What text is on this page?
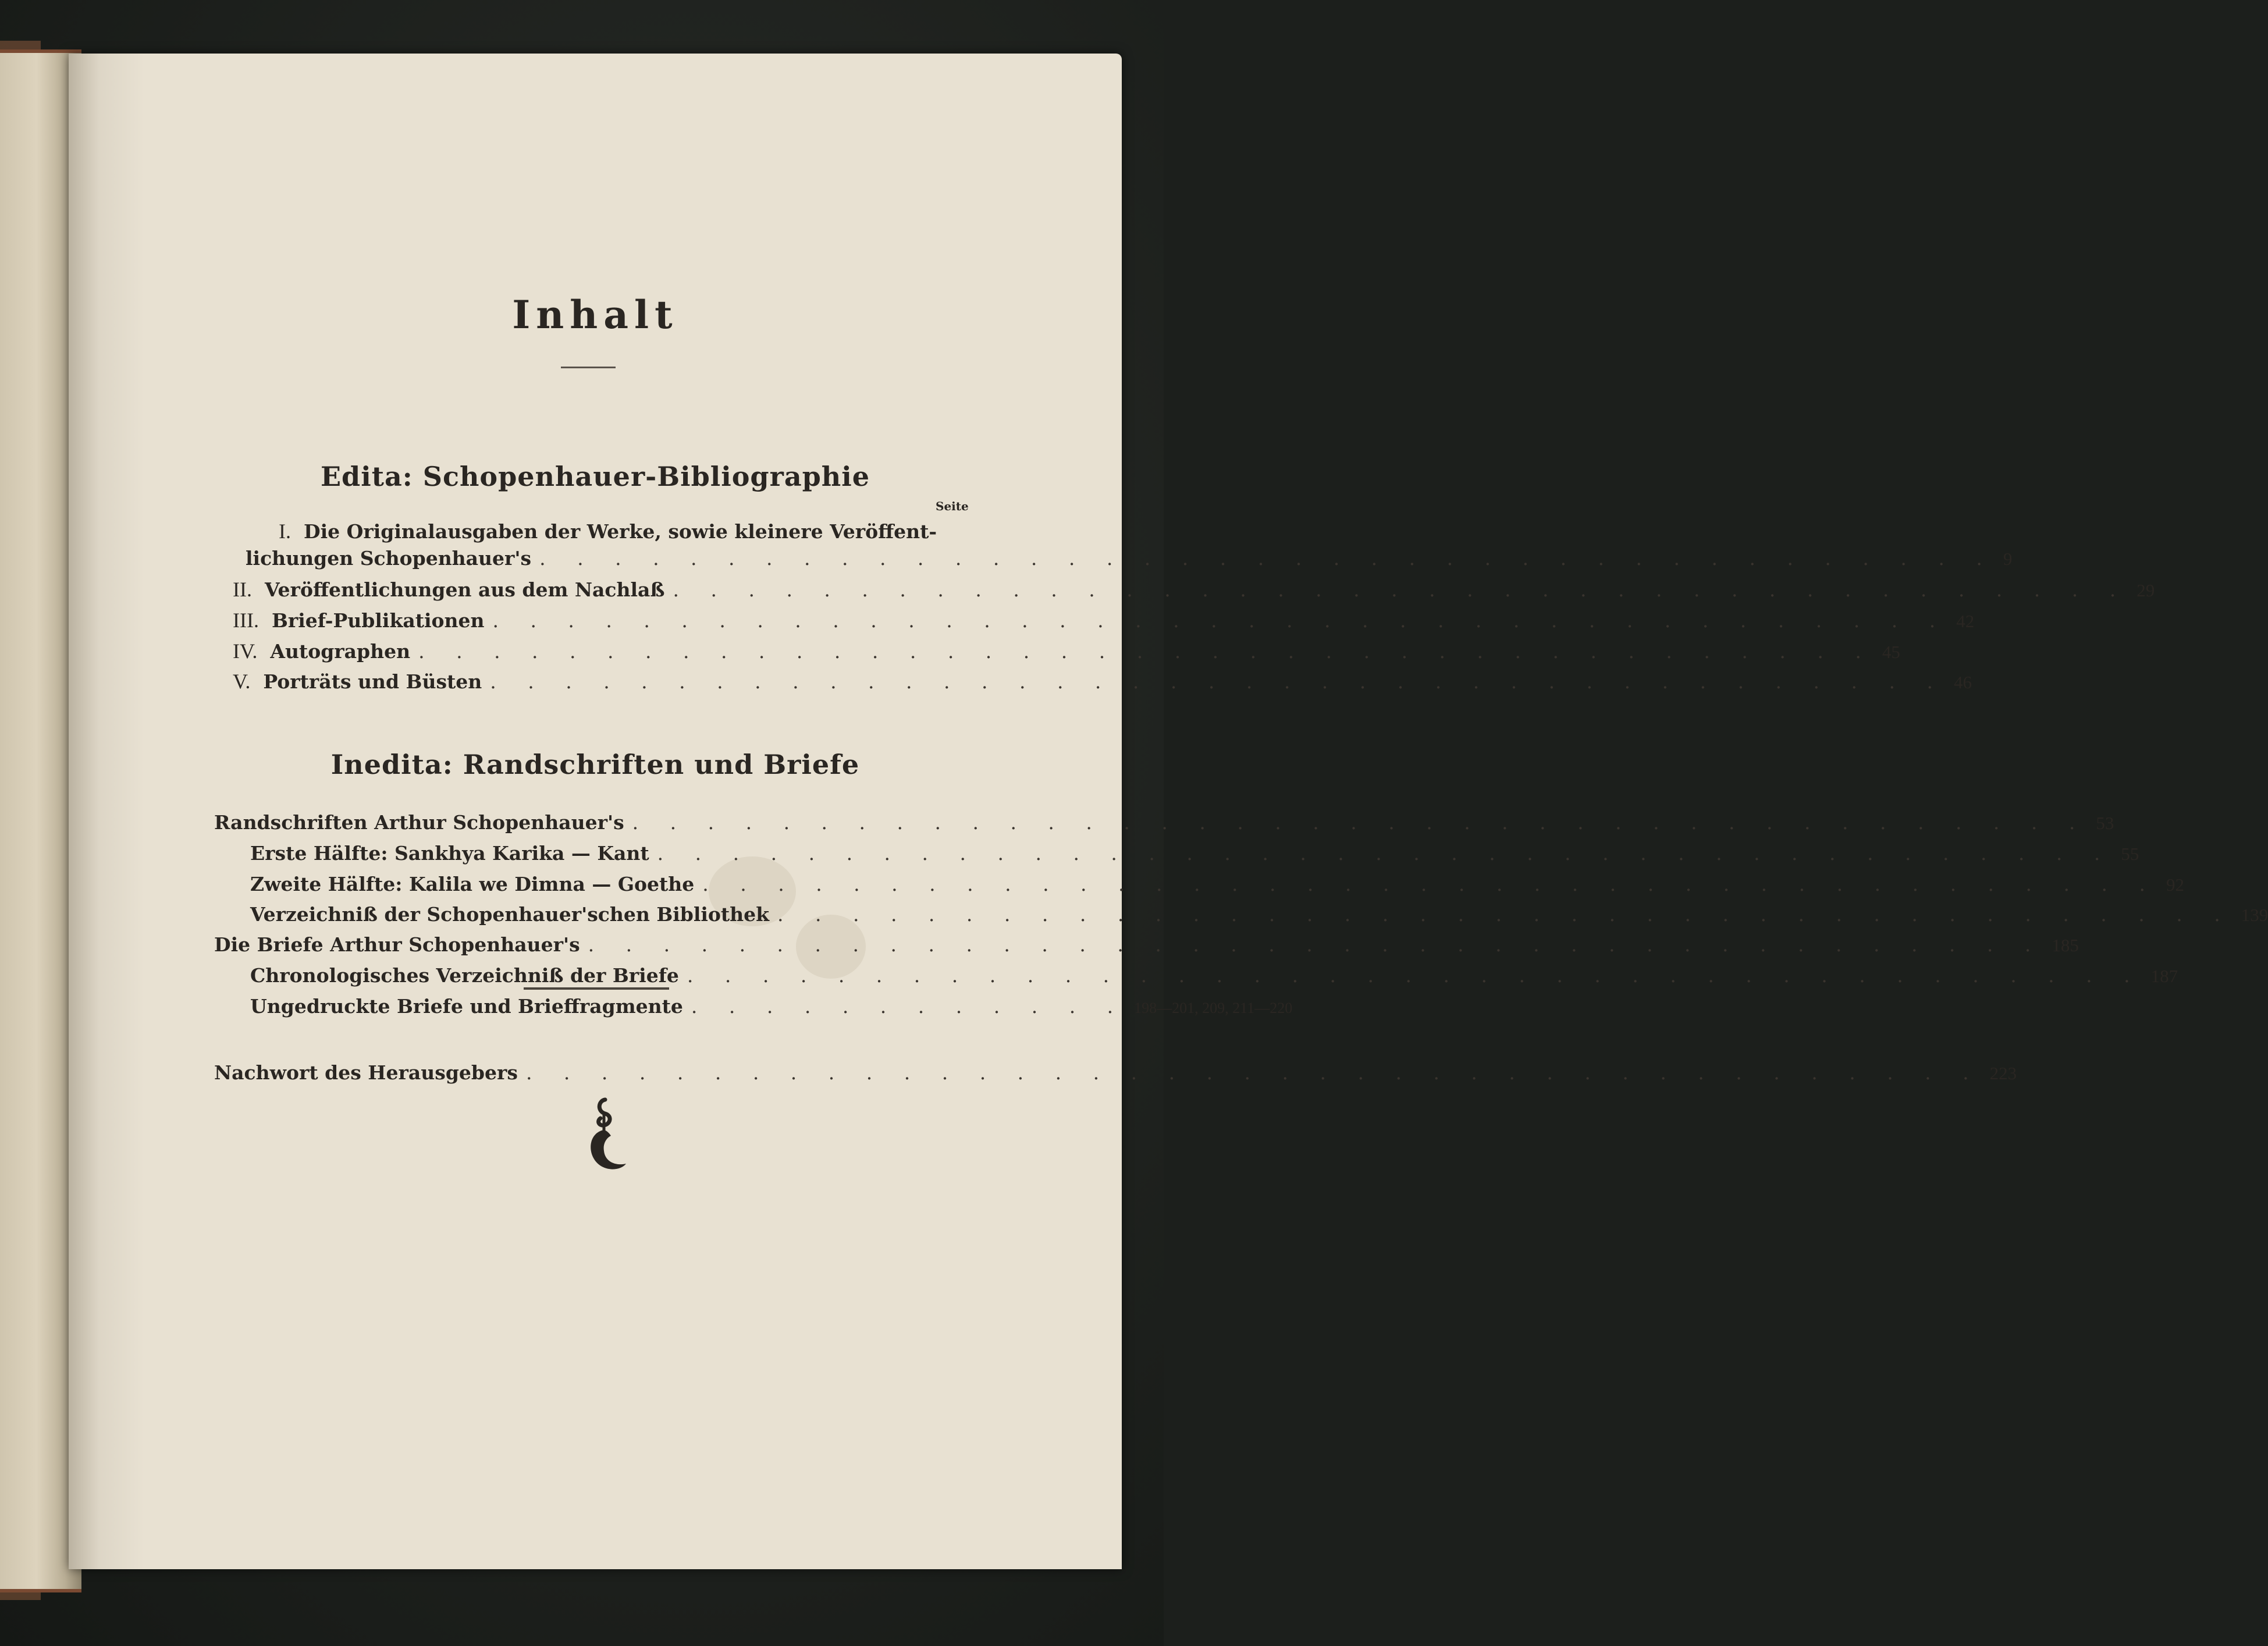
Inhalt
Edita: Schopenhauer-Bibliographie
Seite
I. Die Originalausgaben der Werke, sowie kleinere Veröffent-
lichungen Schopenhauer's . . . . . . . . . . . . . . . . . . . . . . . . . . . . . . . . . . . . . . . 9
II. Veröffentlichungen aus dem Nachlaß . . . . . . . . . . . . . . . . . . . . . . . . . . . . . . . . . . . . . . . 29
III. Brief-Publikationen . . . . . . . . . . . . . . . . . . . . . . . . . . . . . . . . . . . . . . . 42
IV. Autographen . . . . . . . . . . . . . . . . . . . . . . . . . . . . . . . . . . . . . . . 45
V. Porträts und Büsten . . . . . . . . . . . . . . . . . . . . . . . . . . . . . . . . . . . . . . . 46
Inedita: Randschriften und Briefe
Randschriften Arthur Schopenhauer's . . . . . . . . . . . . . . . . . . . . . . . . . . . . . . . . . . . . . . . 53
Erste Hälfte: Sankhya Karika — Kant . . . . . . . . . . . . . . . . . . . . . . . . . . . . . . . . . . . . . . . 55
Zweite Hälfte: Kalila we Dimna — Goethe . . . . . . . . . . . . . . . . . . . . . . . . . . . . . . . . . . . . . . . 92
Verzeichniß der Schopenhauer'schen Bibliothek . . . . . . . . . . . . . . . . . . . . . . . . . . . . . . . . . . . . . . . 139
Die Briefe Arthur Schopenhauer's . . . . . . . . . . . . . . . . . . . . . . . . . . . . . . . . . . . . . . . 185
Chronologisches Verzeichniß der Briefe . . . . . . . . . . . . . . . . . . . . . . . . . . . . . . . . . . . . . . . 187
Ungedruckte Briefe und Brieffragmente . . . . . . . . . . . . 198—201, 209, 211—220
Nachwort des Herausgebers . . . . . . . . . . . . . . . . . . . . . . . . . . . . . . . . . . . . . . . 223
